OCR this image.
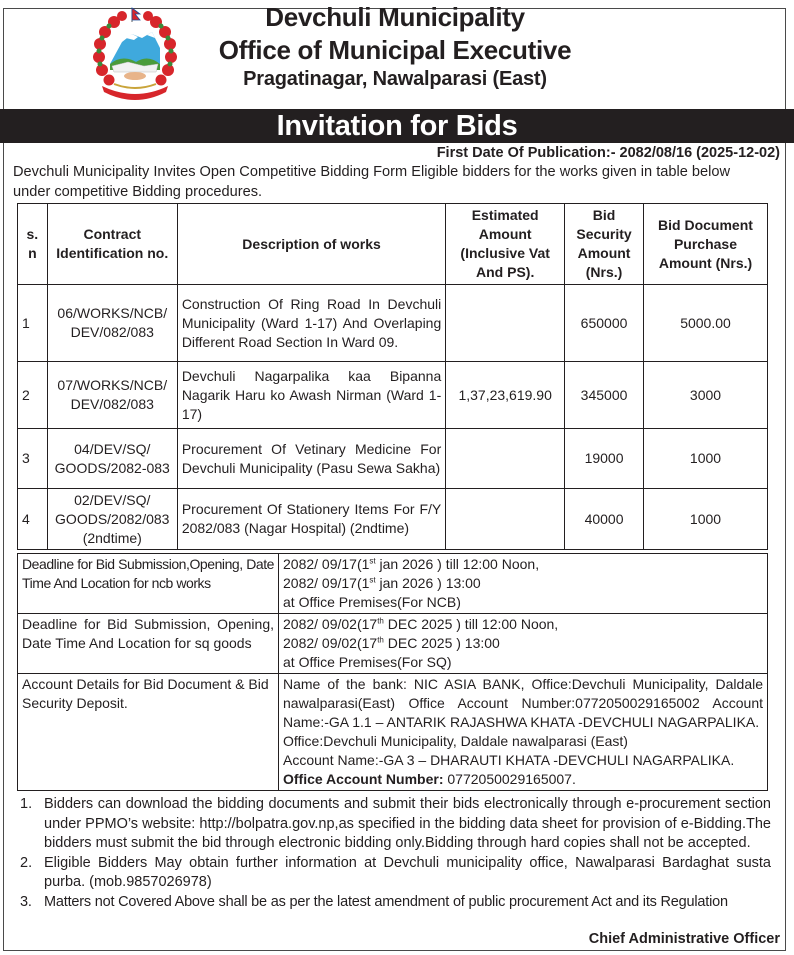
Devchuli Municipality
Office of Municipal Executive
Pragatinagar, Nawalparasi (East)
Invitation for Bids
First Date Of Publication:- 2082/08/16 (2025-12-02)
Devchuli Municipality Invites Open Competitive Bidding Form Eligible bidders for the works given in table below under competitive Bidding procedures.
s. n	Contract Identification no.	Description of works	Estimated Amount (Inclusive Vat And PS).	Bid Security Amount (Nrs.)	Bid Document Purchase Amount (Nrs.)
1	06/WORKS/NCB/ DEV/082/083	Construction Of Ring Road In Devchuli Municipality (Ward 1-17) And Overlaping Different Road Section In Ward 09.		650000	5000.00
2	07/WORKS/NCB/ DEV/082/083	Devchuli Nagarpalika kaa Bipanna Nagarik Haru ko Awash Nirman (Ward 1-17)	1,37,23,619.90	345000	3000
3	04/DEV/SQ/ GOODS/2082-083	Procurement Of Vetinary Medicine For Devchuli Municipality (Pasu Sewa Sakha)		19000	1000
4	02/DEV/SQ/ GOODS/2082/083 (2ndtime)	Procurement Of Stationery Items For F/Y 2082/083 (Nagar Hospital) (2ndtime)		40000	1000
Deadline for Bid Submission,Opening, Date Time And Location for ncb works	2082/ 09/17(1st jan 2026 ) till 12:00 Noon,
2082/ 09/17(1st jan 2026 ) 13:00
at Office Premises(For NCB)

Deadline for Bid Submission, Opening, Date Time And Location for sq goods	2082/ 09/02(17th DEC 2025 ) till 12:00 Noon,
2082/ 09/02(17th DEC 2025 ) 13:00
at Office Premises(For SQ)

Account Details for Bid Document & Bid Security Deposit.	Name of the bank: NIC ASIA BANK, Office:Devchuli Municipality, Daldale nawalparasi(East) Office Account Number:0772050029165002 Account Name:-GA 1.1 – ANTARIK RAJASHWA KHATA -DEVCHULI NAGARPALIKA.
Office:Devchuli Municipality, Daldale nawalparasi (East)
Account Name:-GA 3 – DHARAUTI KHATA -DEVCHULI NAGARPALIKA.
Office Account Number: 0772050029165007.
1. Bidders can download the bidding documents and submit their bids electronically through e-procurement section under PPMO’s website: http://bolpatra.gov.np,as specified in the bidding data sheet for provision of e-Bidding.The bidders must submit the bid through electronic bidding only.Bidding through hard copies shall not be accepted.
2. Eligible Bidders May obtain further information at Devchuli municipality office, Nawalparasi Bardaghat susta purba. (mob.9857026978)
3. Matters not Covered Above shall be as per the latest amendment of public procurement Act and its Regulation
Chief Administrative Officer
